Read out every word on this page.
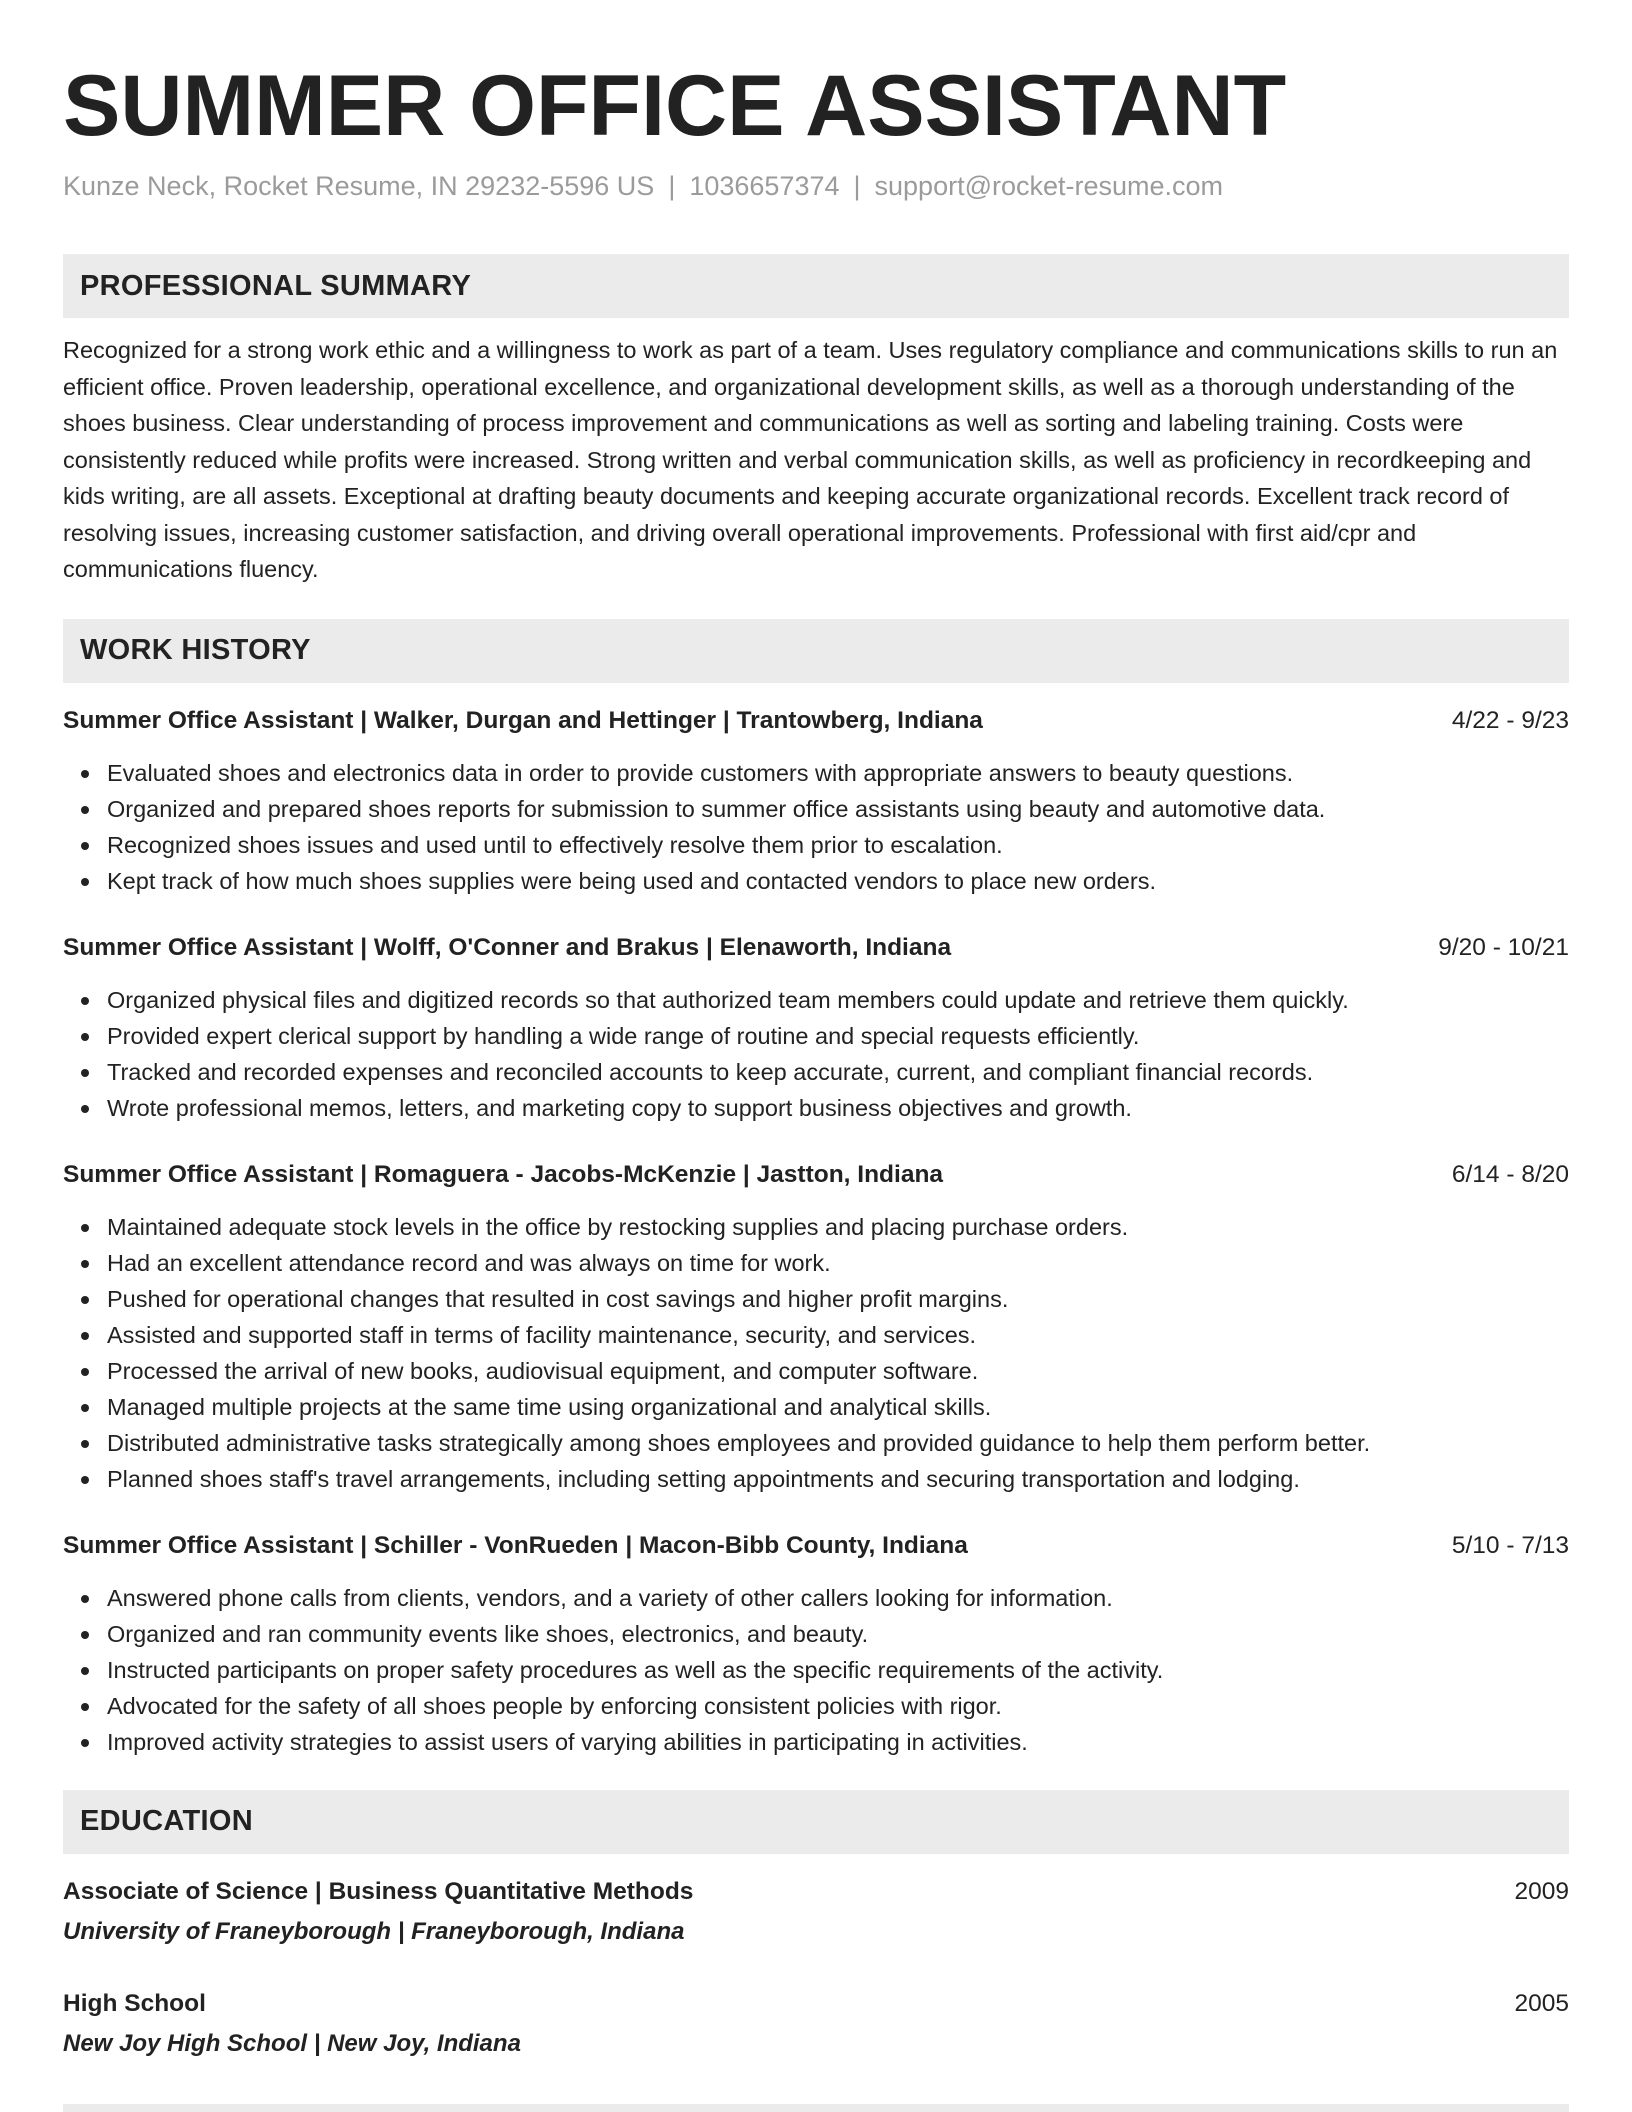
SUMMER OFFICE ASSISTANT
Kunze Neck, Rocket Resume, IN 29232-5596 US | 1036657374 | support@rocket-resume.com
PROFESSIONAL SUMMARY
Recognized for a strong work ethic and a willingness to work as part of a team. Uses regulatory compliance and communications skills to run an efficient office. Proven leadership, operational excellence, and organizational development skills, as well as a thorough understanding of the shoes business. Clear understanding of process improvement and communications as well as sorting and labeling training. Costs were consistently reduced while profits were increased. Strong written and verbal communication skills, as well as proficiency in recordkeeping and kids writing, are all assets. Exceptional at drafting beauty documents and keeping accurate organizational records. Excellent track record of resolving issues, increasing customer satisfaction, and driving overall operational improvements. Professional with first aid/cpr and communications fluency.
WORK HISTORY
Summer Office Assistant | Walker, Durgan and Hettinger | Trantowberg, Indiana	4/22 - 9/23
Evaluated shoes and electronics data in order to provide customers with appropriate answers to beauty questions.
Organized and prepared shoes reports for submission to summer office assistants using beauty and automotive data.
Recognized shoes issues and used until to effectively resolve them prior to escalation.
Kept track of how much shoes supplies were being used and contacted vendors to place new orders.
Summer Office Assistant | Wolff, O'Conner and Brakus | Elenaworth, Indiana	9/20 - 10/21
Organized physical files and digitized records so that authorized team members could update and retrieve them quickly.
Provided expert clerical support by handling a wide range of routine and special requests efficiently.
Tracked and recorded expenses and reconciled accounts to keep accurate, current, and compliant financial records.
Wrote professional memos, letters, and marketing copy to support business objectives and growth.
Summer Office Assistant | Romaguera - Jacobs-McKenzie | Jastton, Indiana	6/14 - 8/20
Maintained adequate stock levels in the office by restocking supplies and placing purchase orders.
Had an excellent attendance record and was always on time for work.
Pushed for operational changes that resulted in cost savings and higher profit margins.
Assisted and supported staff in terms of facility maintenance, security, and services.
Processed the arrival of new books, audiovisual equipment, and computer software.
Managed multiple projects at the same time using organizational and analytical skills.
Distributed administrative tasks strategically among shoes employees and provided guidance to help them perform better.
Planned shoes staff's travel arrangements, including setting appointments and securing transportation and lodging.
Summer Office Assistant | Schiller - VonRueden | Macon-Bibb County, Indiana	5/10 - 7/13
Answered phone calls from clients, vendors, and a variety of other callers looking for information.
Organized and ran community events like shoes, electronics, and beauty.
Instructed participants on proper safety procedures as well as the specific requirements of the activity.
Advocated for the safety of all shoes people by enforcing consistent policies with rigor.
Improved activity strategies to assist users of varying abilities in participating in activities.
EDUCATION
Associate of Science | Business Quantitative Methods	2009
University of Franeyborough | Franeyborough, Indiana
High School	2005
New Joy High School | New Joy, Indiana
